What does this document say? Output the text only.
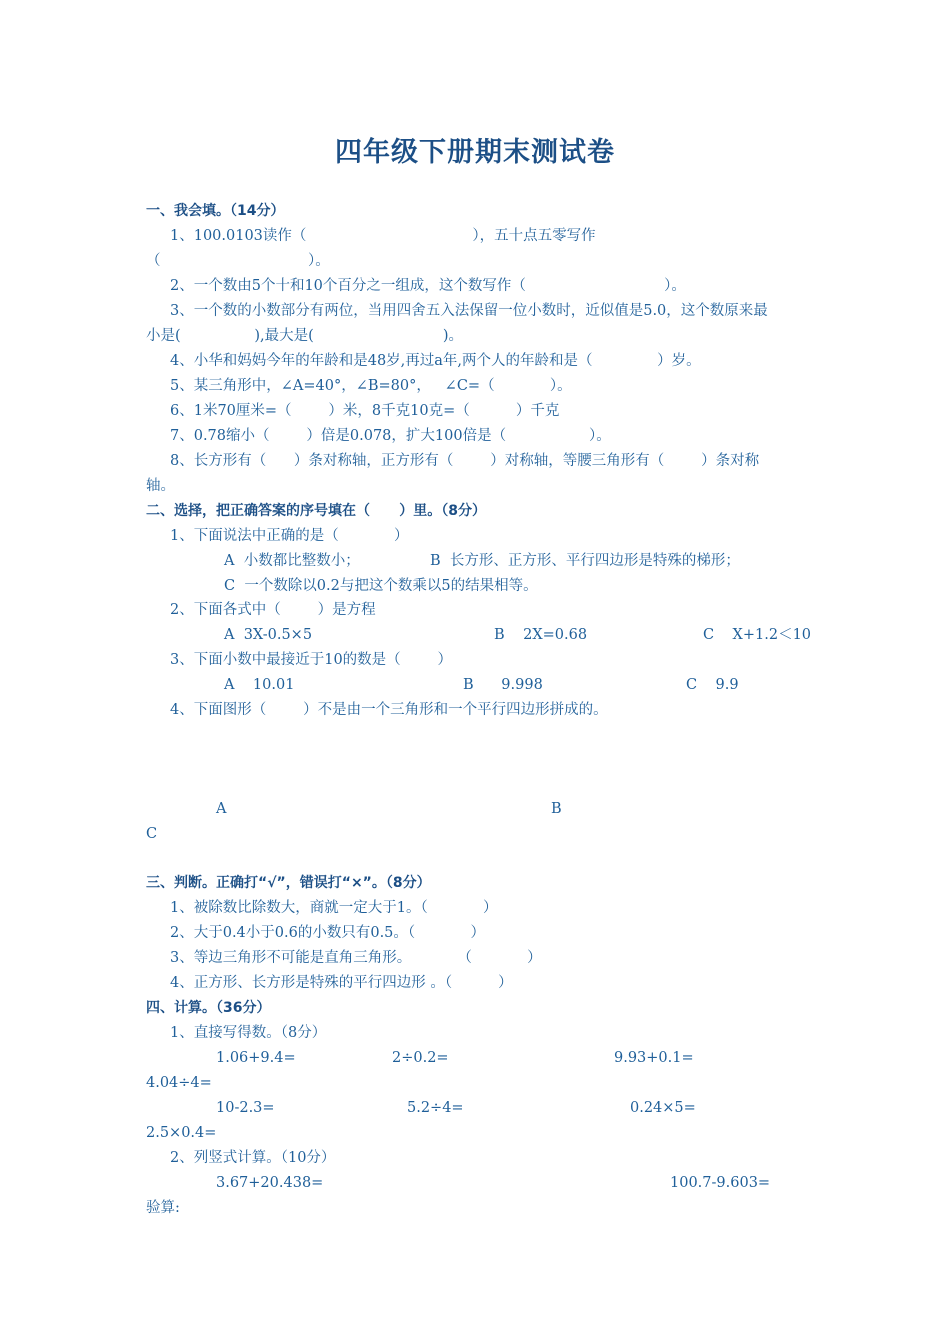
四年级下册期末测试卷
一、我会填。（14分）
1、100.0103读作（                                    ），五十点五零写作
（                                ）。
2、一个数由5个十和10个百分之一组成，这个数写作（                              ）。
3、一个数的小数部分有两位，当用四舍五入法保留一位小数时，近似值是5.0，这个数原来最
小是(                ),最大是(                            )。
4、小华和妈妈今年的年龄和是48岁,再过a年,两个人的年龄和是（              ）岁。
5、某三角形中，∠A=40°，∠B=80°，   ∠C=（            ）。
6、1米70厘米=（        ）米，8千克10克=（          ）千克
7、0.78缩小（        ）倍是0.078，扩大100倍是（                  ）。
8、长方形有（      ）条对称轴，正方形有（        ）对称轴，等腰三角形有（        ）条对称
轴。
二、选择，把正确答案的序号填在（      ）里。（8分）
1、下面说法中正确的是（            ）
A  小数都比整数小；	B  长方形、正方形、平行四边形是特殊的梯形；
C  一个数除以0.2与把这个数乘以5的结果相等。
2、下面各式中（        ）是方程
A  3X-0.5×5	B    2X=0.68	C    X+1.2＜10
3、下面小数中最接近于10的数是（        ）
A    10.01	B      9.998	C    9.9
4、下面图形（        ）不是由一个三角形和一个平行四边形拼成的。
A	B
C
三、判断。正确打“√”，错误打“×”。（8分）
1、被除数比除数大，商就一定大于1。（            ）
2、大于0.4小于0.6的小数只有0.5。（            ）
3、等边三角形不可能是直角三角形。          （            ）
4、正方形、长方形是特殊的平行四边形 。（          ）
四、计算。（36分）
1、直接写得数。（8分）
1.06+9.4=	2÷0.2=	9.93+0.1=
4.04÷4=
10-2.3=	5.2÷4=	0.24×5=
2.5×0.4=
2、列竖式计算。（10分）
3.67+20.438=	100.7-9.603=
验算:
